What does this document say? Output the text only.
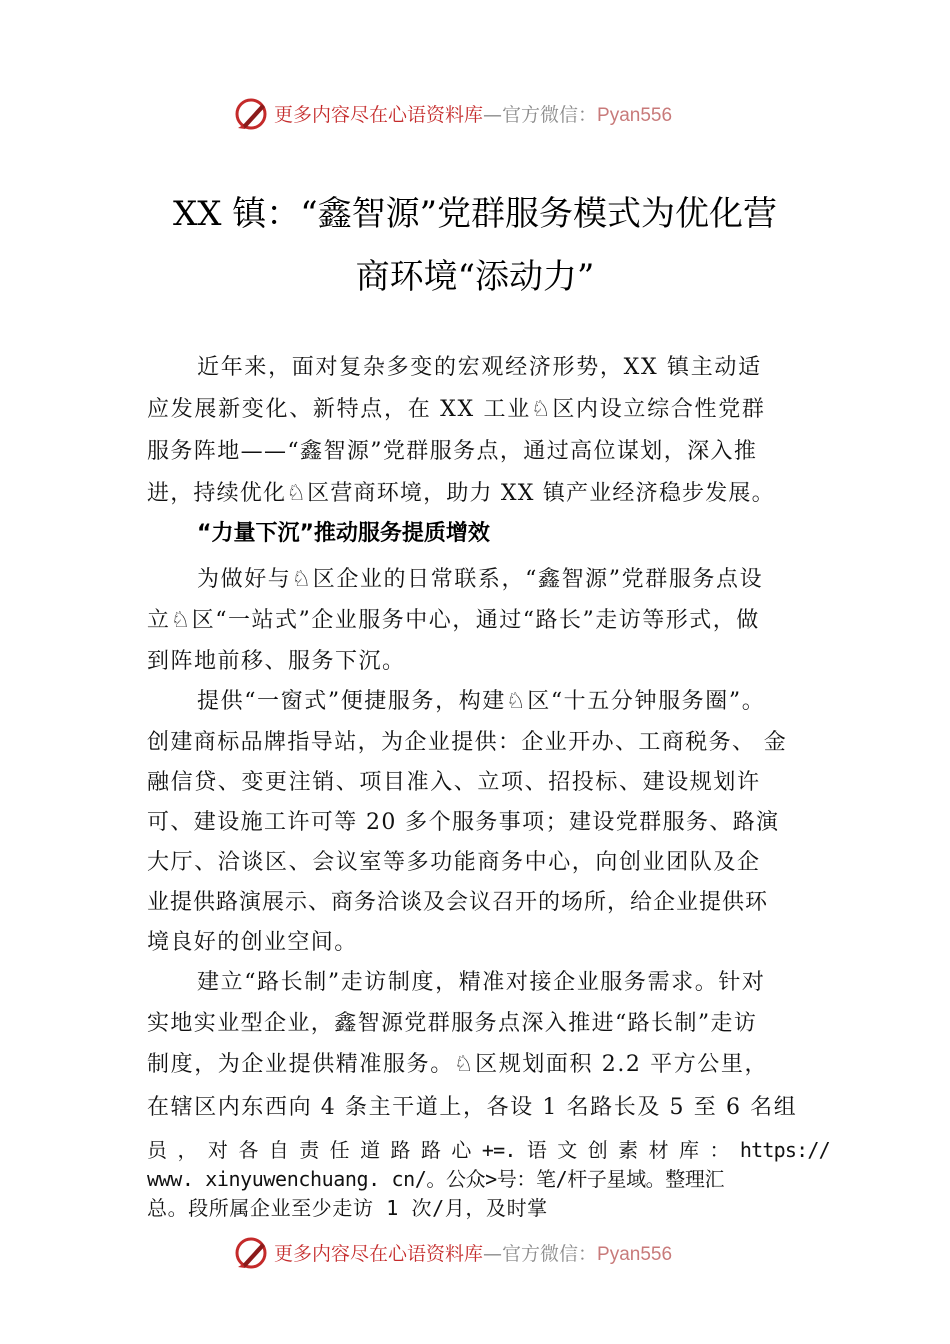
更多内容尽在心语资料库—官方微信：Pyan556
XX 镇：“鑫智源”党群服务模式为优化营
商环境“添动力”
近年来，面对复杂多变的宏观经济形势，XX 镇主动适
应发展新变化、新特点，在 XX 工业♘区内设立综合性党群
服务阵地——“鑫智源”党群服务点，通过高位谋划，深入推
进，持续优化♘区营商环境，助力 XX 镇产业经济稳步发展。
“力量下沉”推动服务提质增效
为做好与♘区企业的日常联系，“鑫智源”党群服务点设
立♘区“一站式”企业服务中心，通过“路长”走访等形式，做
到阵地前移、服务下沉。
提供“一窗式”便捷服务，构建♘区“十五分钟服务圈”。
创建商标品牌指导站，为企业提供：企业开办、工商税务、 金
融信贷、变更注销、项目准入、立项、招投标、建设规划许
可、建设施工许可等 20 多个服务事项；建设党群服务、路演
大厅、洽谈区、会议室等多功能商务中心，向创业团队及企
业提供路演展示、商务洽谈及会议召开的场所，给企业提供环
境良好的创业空间。
建立“路长制”走访制度，精准对接企业服务需求。针对
实地实业型企业，鑫智源党群服务点深入推进“路长制”走访
制度，为企业提供精准服务。♘区规划面积 2.2 平方公里，
在辖区内东西向 4 条主干道上，各设 1 名路长及 5 至 6 名组
员 ， 对 各 自 责 任 道 路 路 心 +=. 语 文 创 素 材 库 ： https://
www. xinyuwenchuang. cn/。公众>号：笔/杆子星域。整理汇
总。段所属企业至少走访 1 次/月，及时掌
更多内容尽在心语资料库—官方微信：Pyan556
